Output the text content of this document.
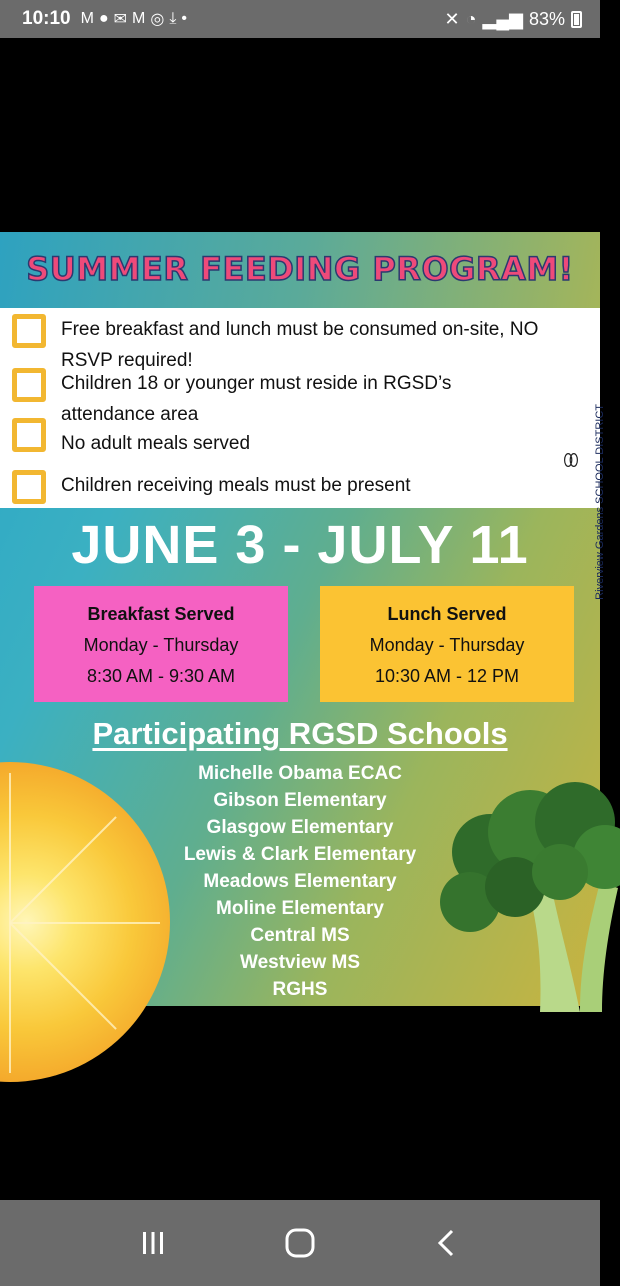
10:10 M ● ✉ M ◎ ⤓ •	✕ ◔ ▂▄▆ 83%
SUMMER FEEDING PROGRAM!
Free breakfast and lunch must be consumed on-site, NO RSVP required!
Children 18 or younger must reside in RGSD’s attendance area
No adult meals served
Children receiving meals must be present	Riverview Gardens SCHOOL DISTRICT
JUNE 3 - JULY 11
Breakfast Served
Monday - Thursday
8:30 AM - 9:30 AM
Lunch Served
Monday - Thursday
10:30 AM - 12 PM
Participating RGSD Schools
Michelle Obama ECAC
Gibson Elementary
Glasgow Elementary
Lewis & Clark Elementary
Meadows Elementary
Moline Elementary
Central MS
Westview MS
RGHS
